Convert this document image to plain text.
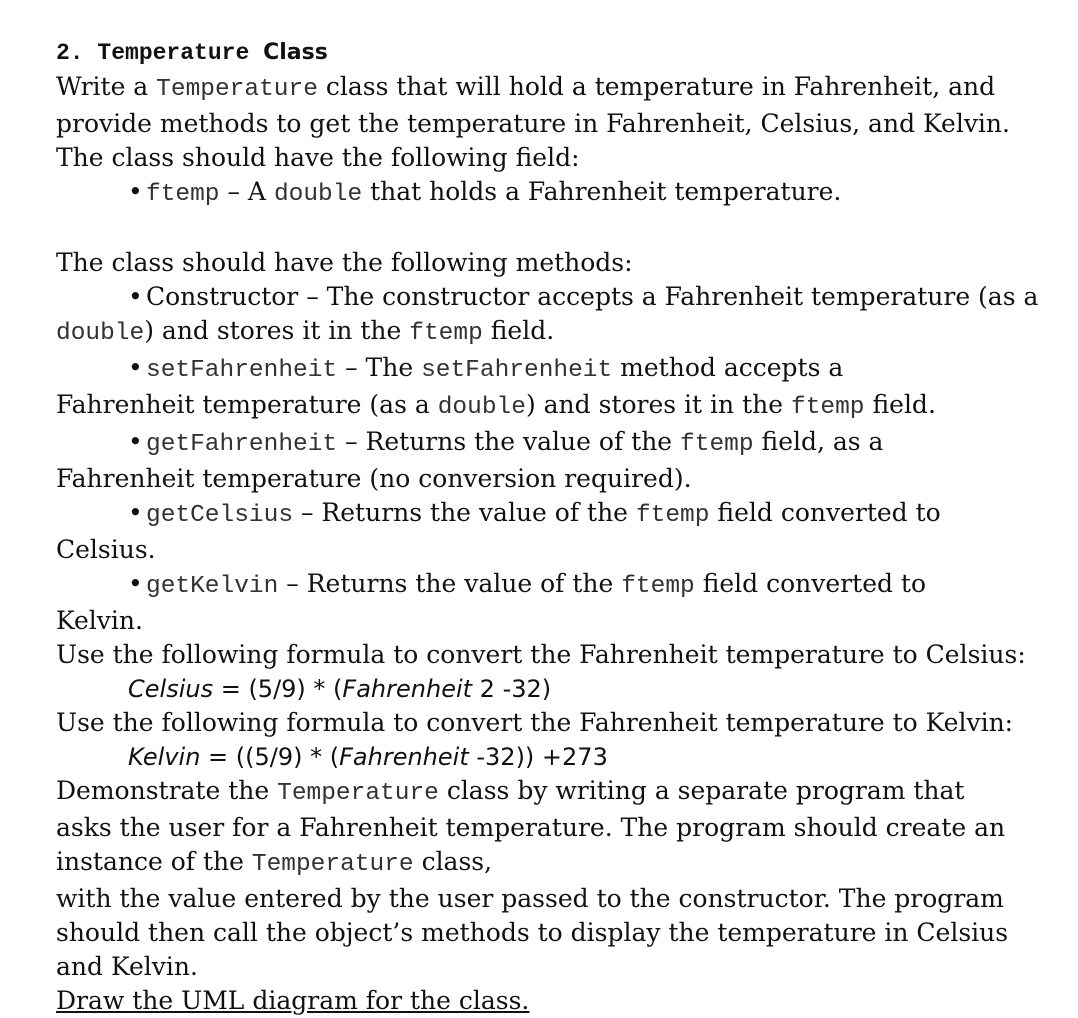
2. Temperature Class
Write a Temperature class that will hold a temperature in Fahrenheit, and
provide methods to get the temperature in Fahrenheit, Celsius, and Kelvin.
The class should have the following field:
• ftemp – A double that holds a Fahrenheit temperature.
The class should have the following methods:
• Constructor – The constructor accepts a Fahrenheit temperature (as a
double) and stores it in the ftemp field.
• setFahrenheit – The setFahrenheit method accepts a
Fahrenheit temperature (as a double) and stores it in the ftemp field.
• getFahrenheit – Returns the value of the ftemp field, as a
Fahrenheit temperature (no conversion required).
• getCelsius – Returns the value of the ftemp field converted to
Celsius.
• getKelvin – Returns the value of the ftemp field converted to
Kelvin.
Use the following formula to convert the Fahrenheit temperature to Celsius:
Celsius = (5/9) * (Fahrenheit 2 -32)
Use the following formula to convert the Fahrenheit temperature to Kelvin:
Kelvin = ((5/9) * (Fahrenheit -32)) +273
Demonstrate the Temperature class by writing a separate program that
asks the user for a Fahrenheit temperature. The program should create an
instance of the Temperature class,
with the value entered by the user passed to the constructor. The program
should then call the object’s methods to display the temperature in Celsius
and Kelvin.
Draw the UML diagram for the class.
